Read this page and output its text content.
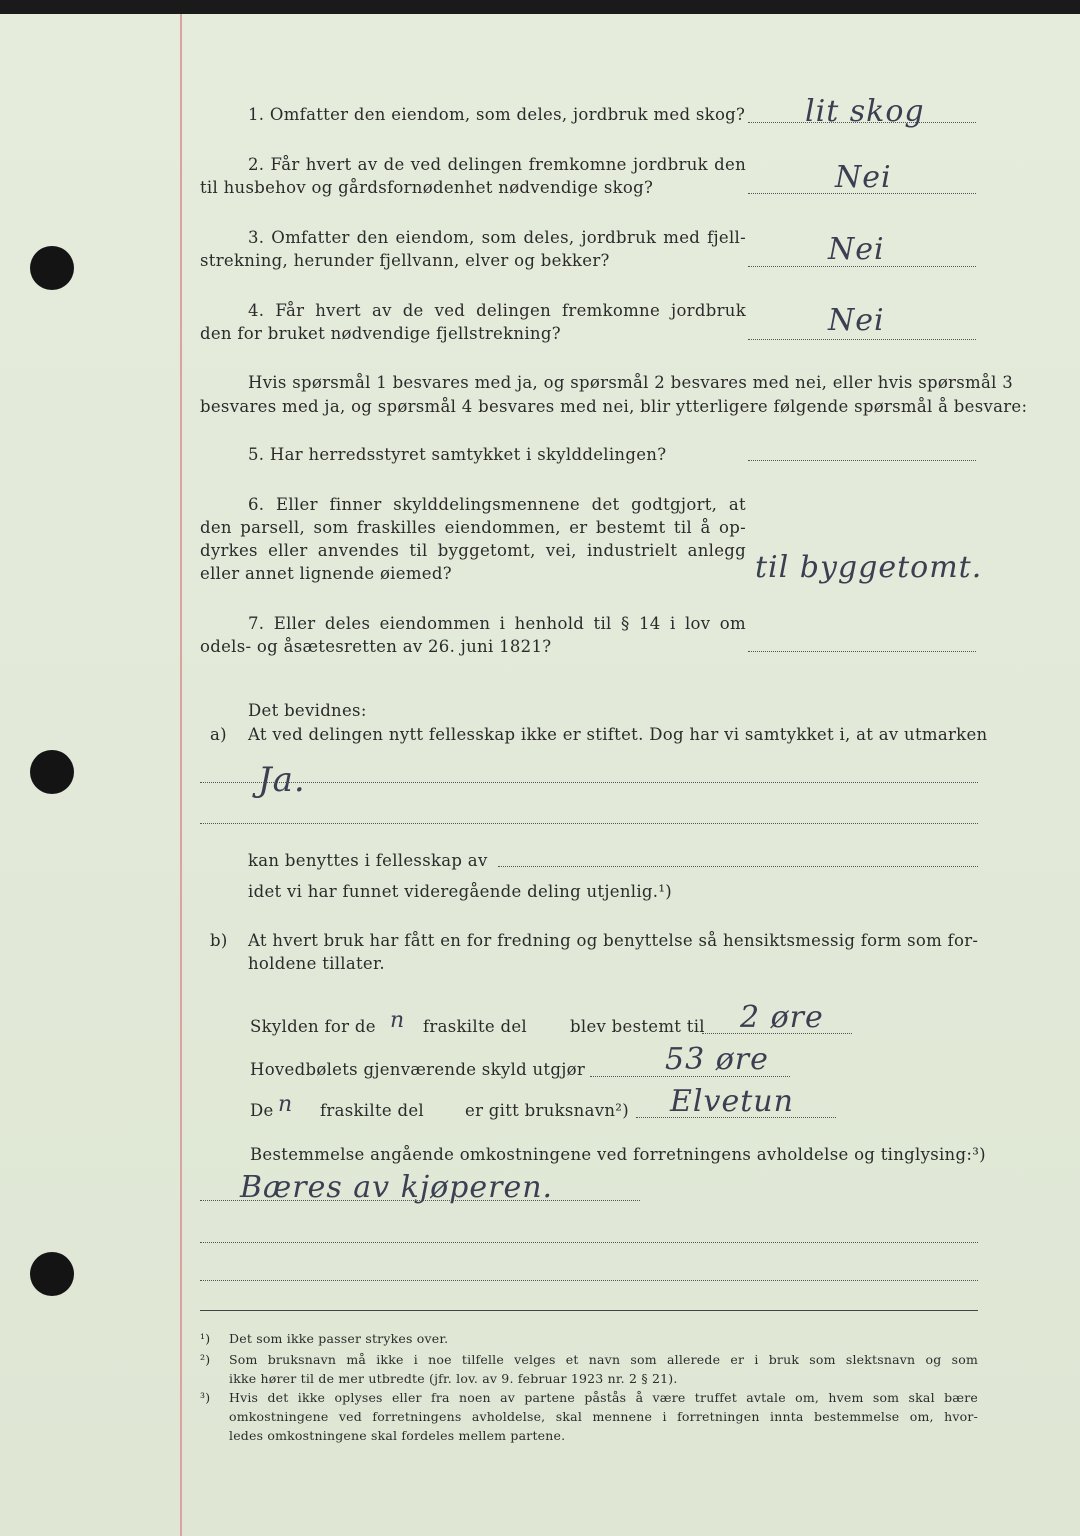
1. Omfatter den eiendom, som deles, jordbruk med skog? lit skog
2. Får hvert av de ved delingen fremkomne jordbruk den
til husbehov og gårdsfornødenhet nødvendige skog?	Nei
3. Omfatter den eiendom, som deles, jordbruk med fjell-
strekning, herunder fjellvann, elver og bekker?	Nei
4. Får hvert av de ved delingen fremkomne jordbruk
den for bruket nødvendige fjellstrekning?	Nei
Hvis spørsmål 1 besvares med ja, og spørsmål 2 besvares med nei, eller hvis spørsmål 3
besvares med ja, og spørsmål 4 besvares med nei, blir ytterligere følgende spørsmål å besvare:
5. Har herredsstyret samtykket i skylddelingen?
6. Eller finner skylddelingsmennene det godtgjort, at
den parsell, som fraskilles eiendommen, er bestemt til å op-
dyrkes eller anvendes til byggetomt, vei, industrielt anlegg
eller annet lignende øiemed?	til byggetomt.
7. Eller deles eiendommen i henhold til § 14 i lov om
odels- og åsætesretten av 26. juni 1821?
Det bevidnes:
a) At ved delingen nytt fellesskap ikke er stiftet. Dog har vi samtykket i, at av utmarken
Ja.
kan benyttes i fellesskap av
idet vi har funnet videregående deling utjenlig.¹)
b) At hvert bruk har fått en for fredning og benyttelse så hensiktsmessig form som for-
holdene tillater.
Skylden for de n fraskilte del	blev bestemt til 2 øre
Hovedbølets gjenværende skyld utgjør	53 øre
De n fraskilte del er gitt bruksnavn²) Elvetun
Bestemmelse angående omkostningene ved forretningens avholdelse og tinglysing:³)
Bæres av kjøperen.
¹) Det som ikke passer strykes over.
²) Som bruksnavn må ikke i noe tilfelle velges et navn som allerede er i bruk som slektsnavn og som
ikke hører til de mer utbredte (jfr. lov. av 9. februar 1923 nr. 2 § 21).
³) Hvis det ikke oplyses eller fra noen av partene påstås å være truffet avtale om, hvem som skal bære
omkostningene ved forretningens avholdelse, skal mennene i forretningen innta bestemmelse om, hvor-
ledes omkostningene skal fordeles mellem partene.
